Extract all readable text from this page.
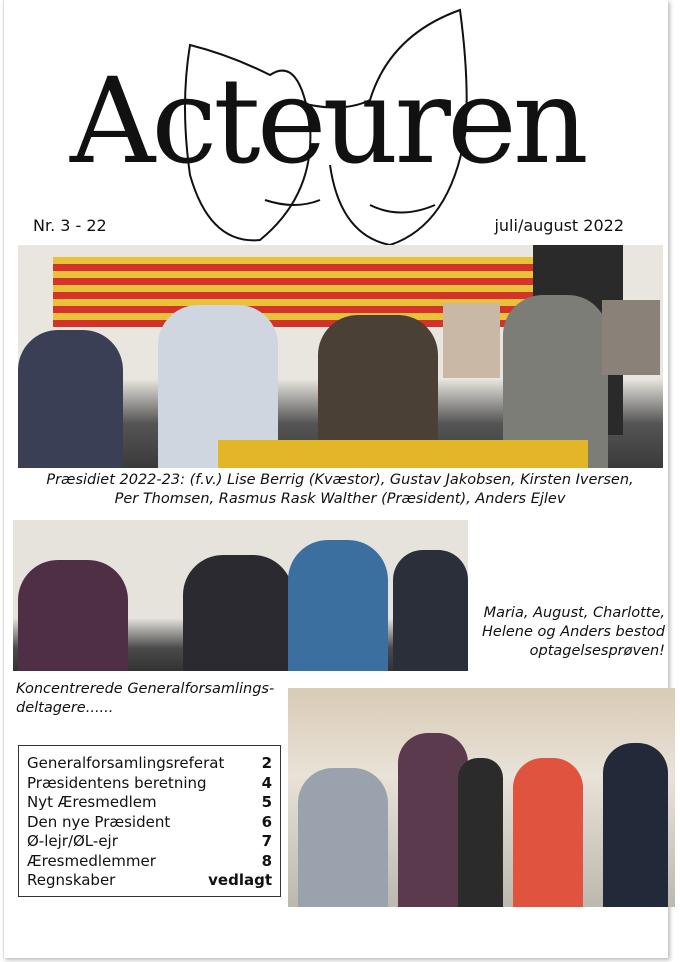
Acteuren
Nr. 3 - 22	juli/august 2022
Præsidiet 2022-23: (f.v.) Lise Berrig (Kvæstor), Gustav Jakobsen, Kirsten Iversen,
Per Thomsen, Rasmus Rask Walther (Præsident), Anders Ejlev
Maria, August, Charlotte,
Helene og Anders bestod
optagelsesprøven!
Koncentrerede Generalforsamlings-
deltagere......
Generalforsamlingsreferat 2
Præsidentens beretning	4
Nyt Æresmedlem	5
Den nye Præsident	6
Ø-lejr/ØL-ejr	7
Æresmedlemmer	8
Regnskaber	vedlagt
